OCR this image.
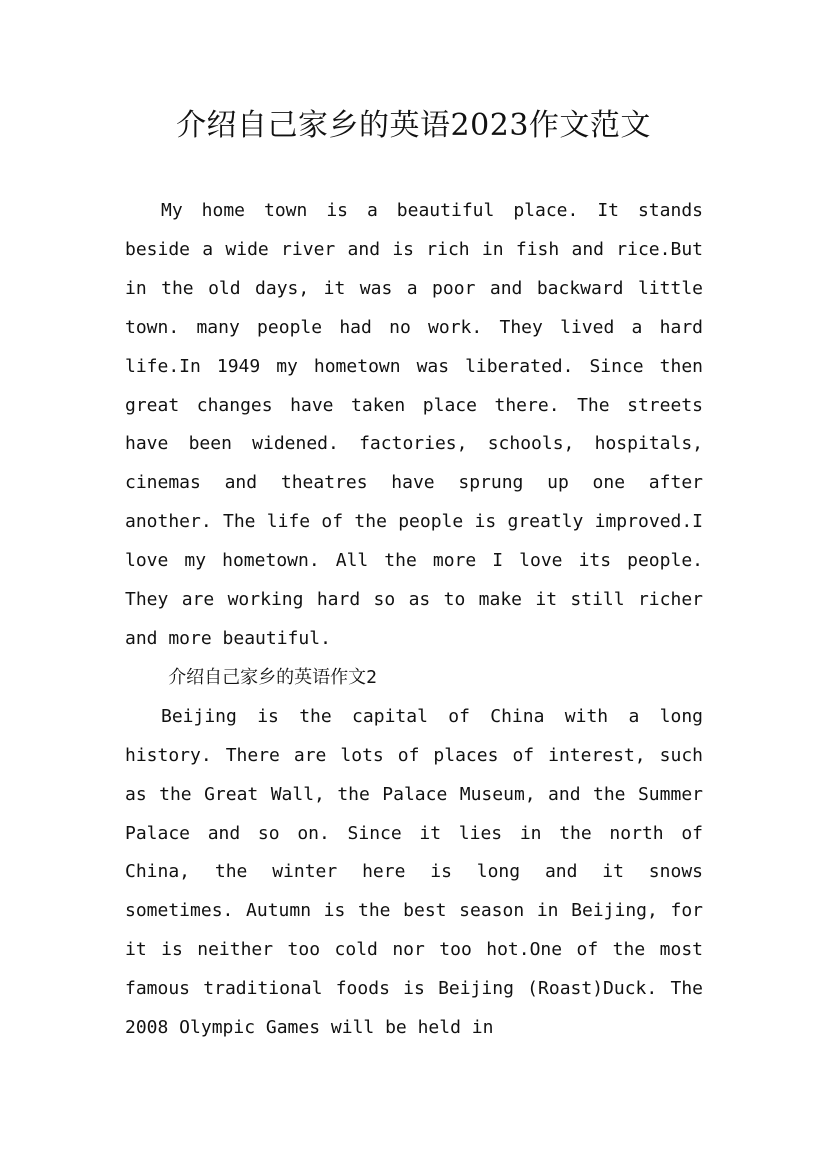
介绍自己家乡的英语2023作文范文

My home town is a beautiful place. It stands beside a wide river and is rich in fish and rice.But in the old days, it was a poor and backward little town. many people had no work. They lived a hard life.In 1949 my hometown was liberated. Since then great changes have taken place there. The streets have been widened. factories, schools, hospitals, cinemas and theatres have sprung up one after another. The life of the people is greatly improved.I love my hometown. All the more I love its people. They are working hard so as to make it still richer and more beautiful.

介绍自己家乡的英语作文2

Beijing is the capital of China with a long history. There are lots of places of interest, such as the Great Wall, the Palace Museum, and the Summer Palace and so on. Since it lies in the north of China, the winter here is long and it snows sometimes. Autumn is the best season in Beijing, for it is neither too cold nor too hot.One of the most famous traditional foods is Beijing (Roast)Duck. The 2008 Olympic Games will be held in
